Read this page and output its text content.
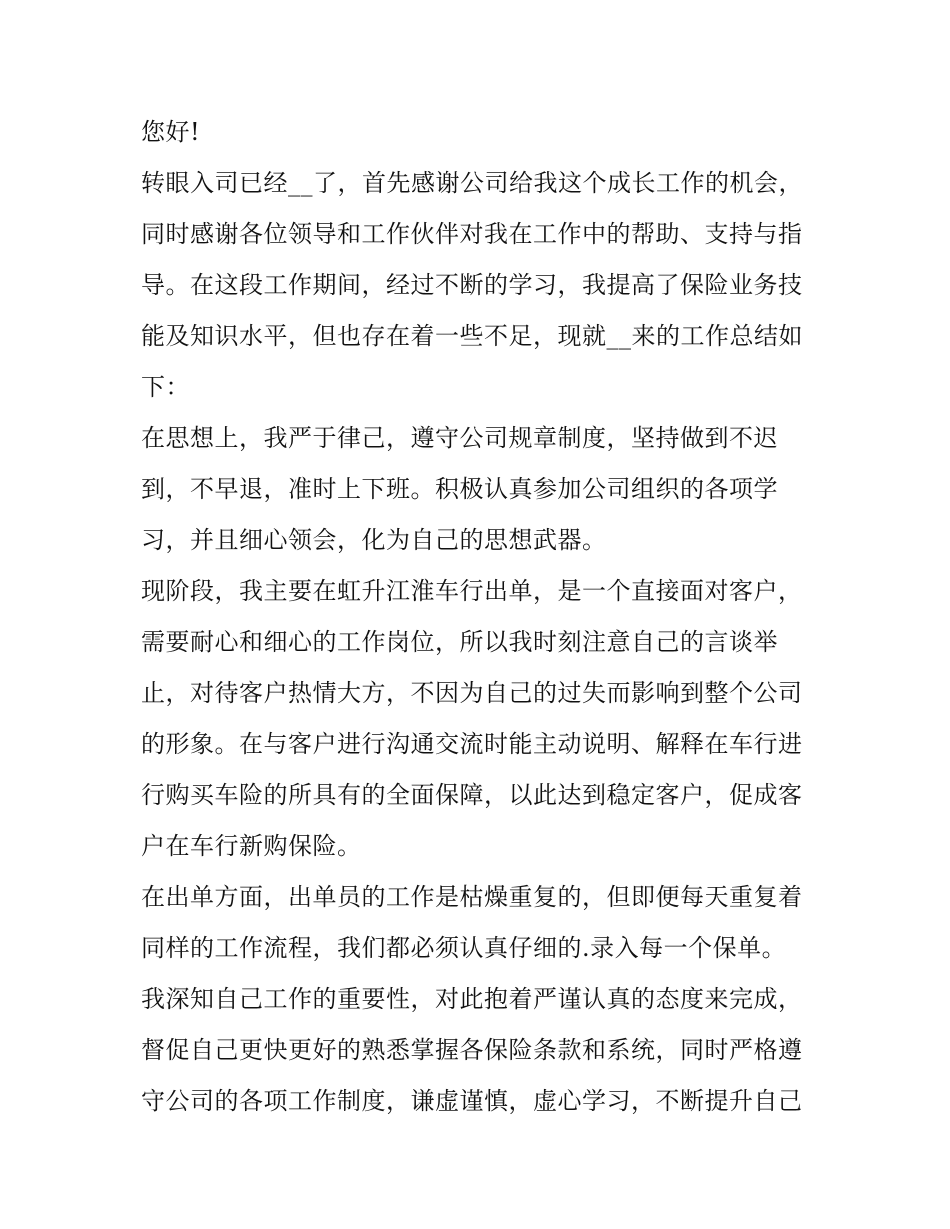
您好!

转眼入司已经__了，首先感谢公司给我这个成长工作的机会，

同时感谢各位领导和工作伙伴对我在工作中的帮助、支持与指

导。在这段工作期间，经过不断的学习，我提高了保险业务技

能及知识水平，但也存在着一些不足，现就__来的工作总结如

下：

在思想上，我严于律己，遵守公司规章制度，坚持做到不迟

到，不早退，准时上下班。积极认真参加公司组织的各项学

习，并且细心领会，化为自己的思想武器。

现阶段，我主要在虹升江淮车行出单，是一个直接面对客户，

需要耐心和细心的工作岗位，所以我时刻注意自己的言谈举

止，对待客户热情大方，不因为自己的过失而影响到整个公司

的形象。在与客户进行沟通交流时能主动说明、解释在车行进

行购买车险的所具有的全面保障，以此达到稳定客户，促成客

户在车行新购保险。

在出单方面，出单员的工作是枯燥重复的，但即便每天重复着

同样的工作流程，我们都必须认真仔细的.录入每一个保单。

我深知自己工作的重要性，对此抱着严谨认真的态度来完成，

督促自己更快更好的熟悉掌握各保险条款和系统，同时严格遵

守公司的各项工作制度，谦虚谨慎，虚心学习，不断提升自己
